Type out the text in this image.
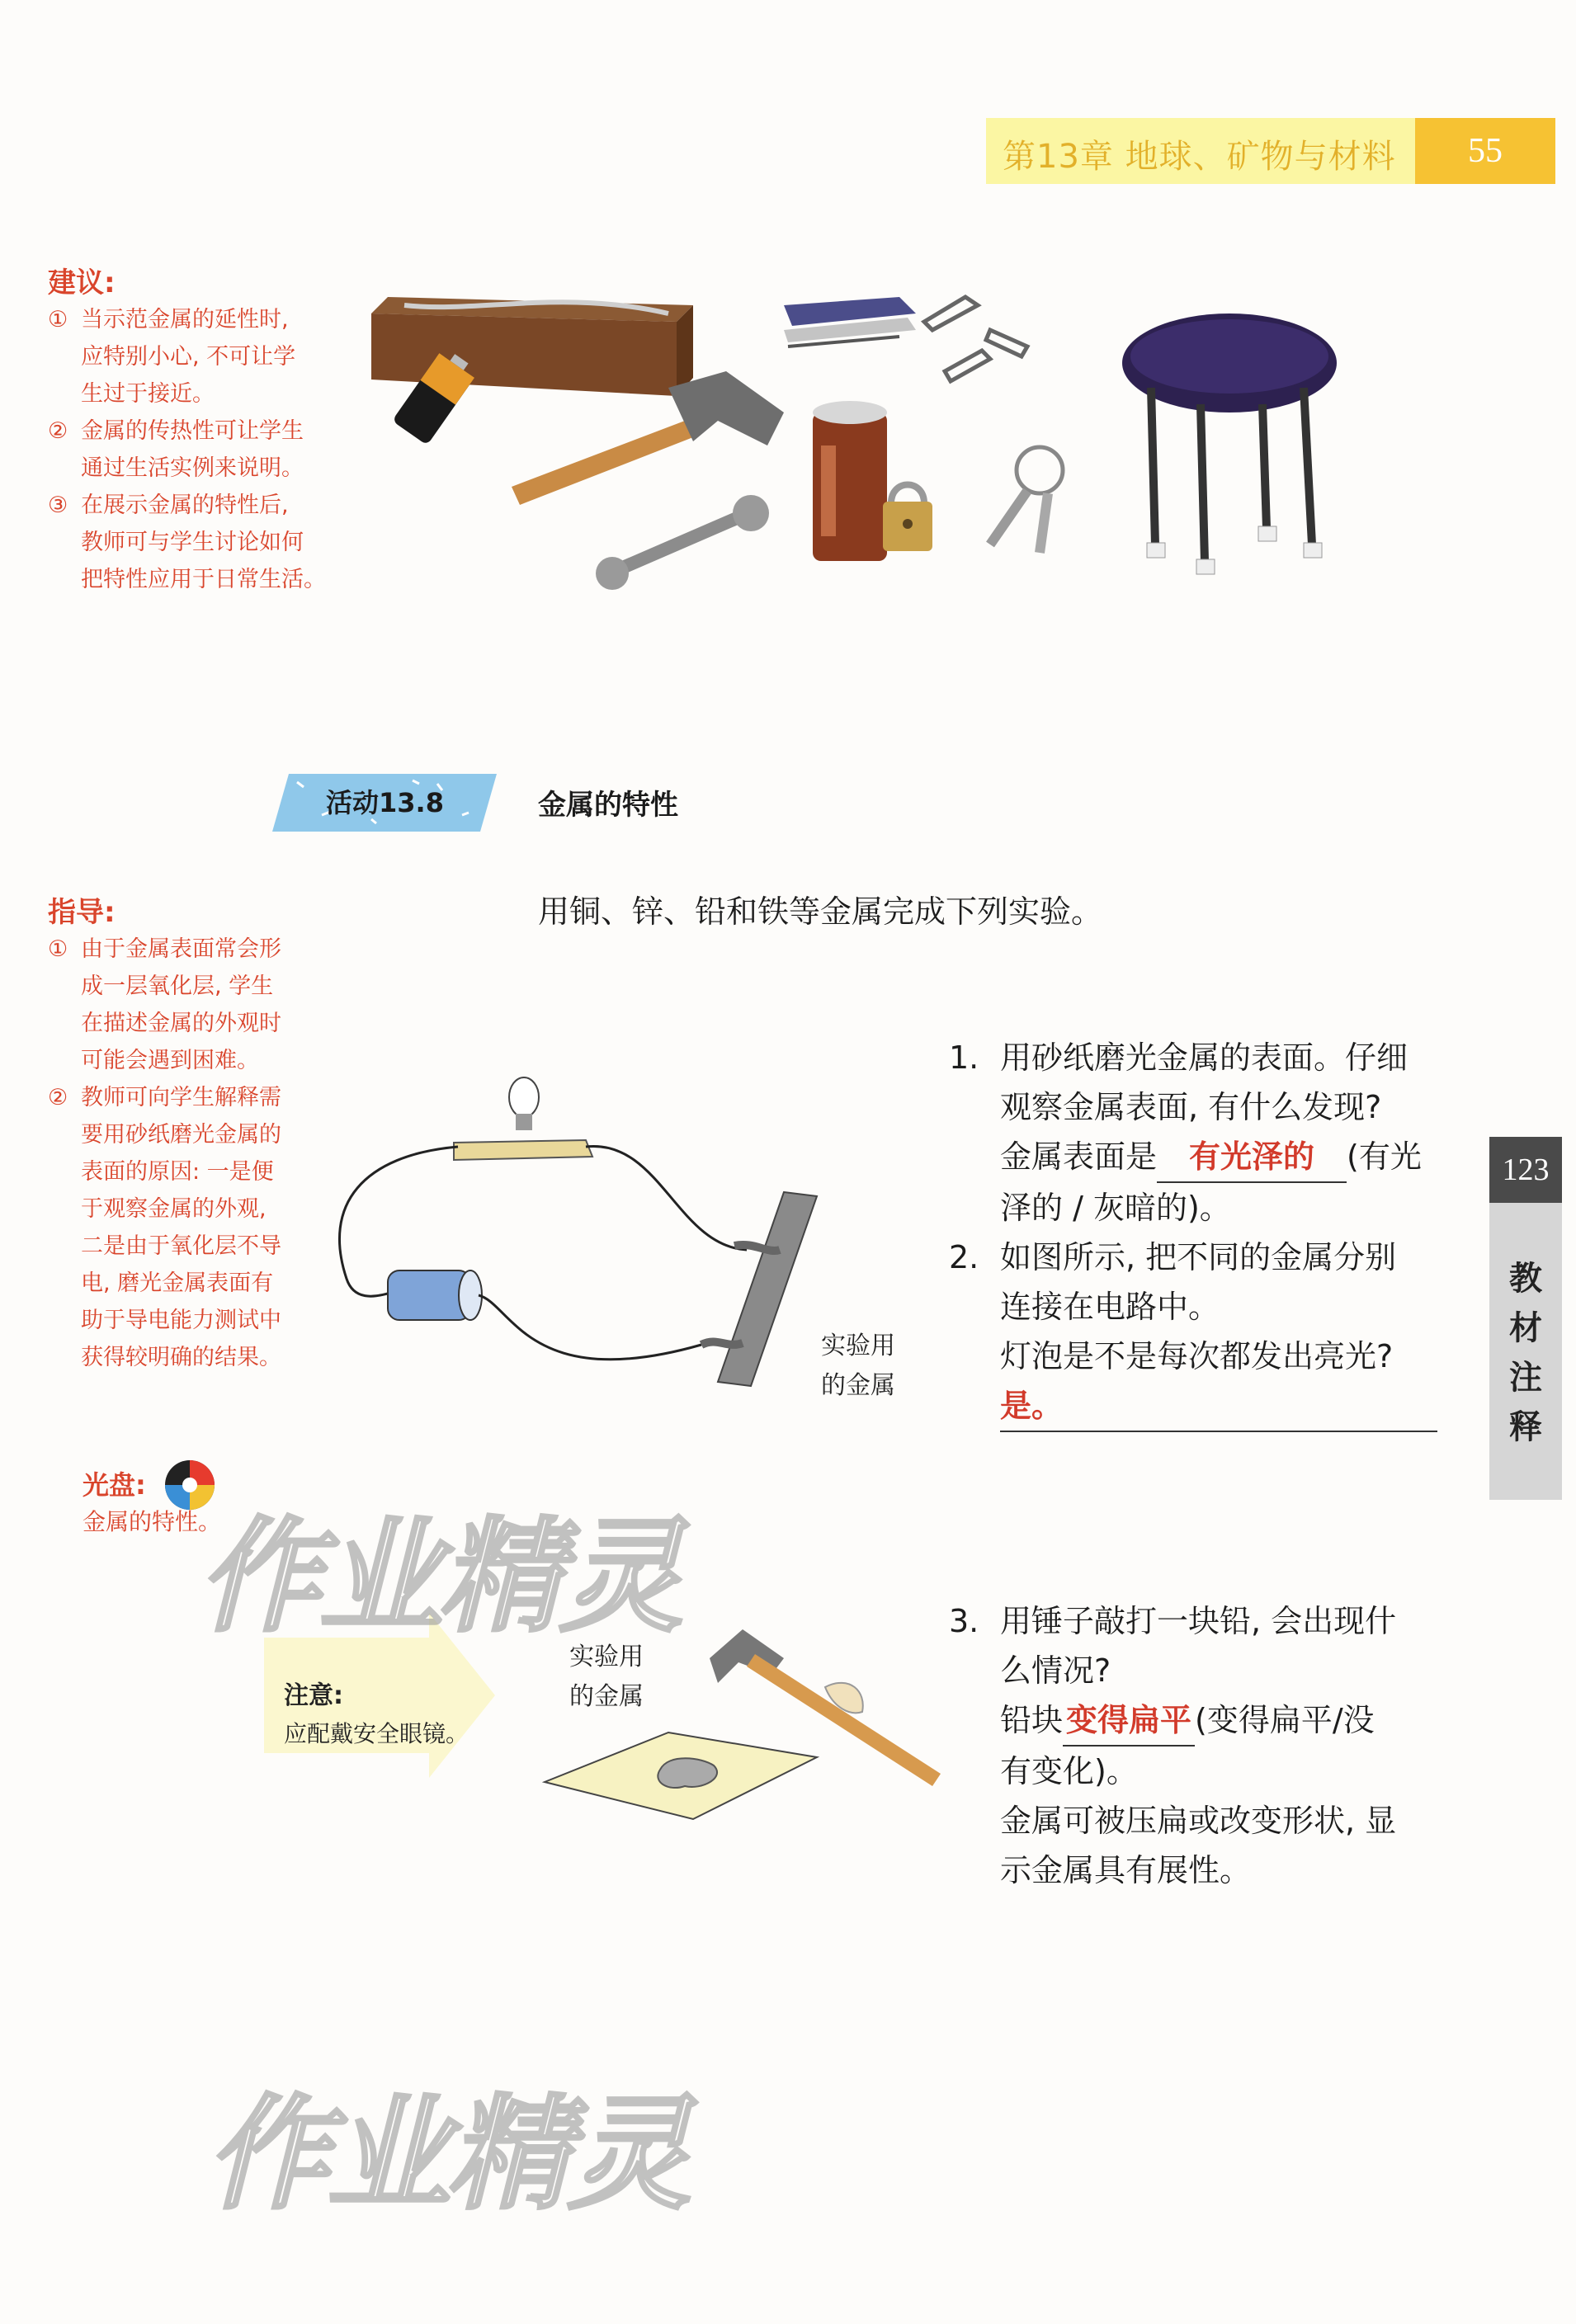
第13章 地球、矿物与材料	55
建议:
① 当示范金属的延性时,
应特别小心, 不可让学
生过于接近。
② 金属的传热性可让学生
通过生活实例来说明。
③ 在展示金属的特性后,
教师可与学生讨论如何
把特性应用于日常生活。
活动13.8	金属的特性
指导:
① 由于金属表面常会形
成一层氧化层, 学生
在描述金属的外观时
可能会遇到困难。
② 教师可向学生解释需
要用砂纸磨光金属的
表面的原因: 一是便
于观察金属的外观,
二是由于氧化层不导
电, 磨光金属表面有
助于导电能力测试中
获得较明确的结果。
光盘:
金属的特性。
用铜、锌、铅和铁等金属完成下列实验。
实验用
的金属
1. 用砂纸磨光金属的表面。仔细
观察金属表面, 有什么发现?
金属表面是 有光泽的 (有光
泽的 / 灰暗的)。
2. 如图所示, 把不同的金属分别
连接在电路中。
灯泡是不是每次都发出亮光?
是。
123
教
材
注
释
注意:
应配戴安全眼镜。
实验用
的金属
3. 用锤子敲打一块铅, 会出现什
么情况?
铅块 变得扁平 (变得扁平/没
有变化)。
金属可被压扁或改变形状, 显
示金属具有展性。
作业精灵
作业精灵
